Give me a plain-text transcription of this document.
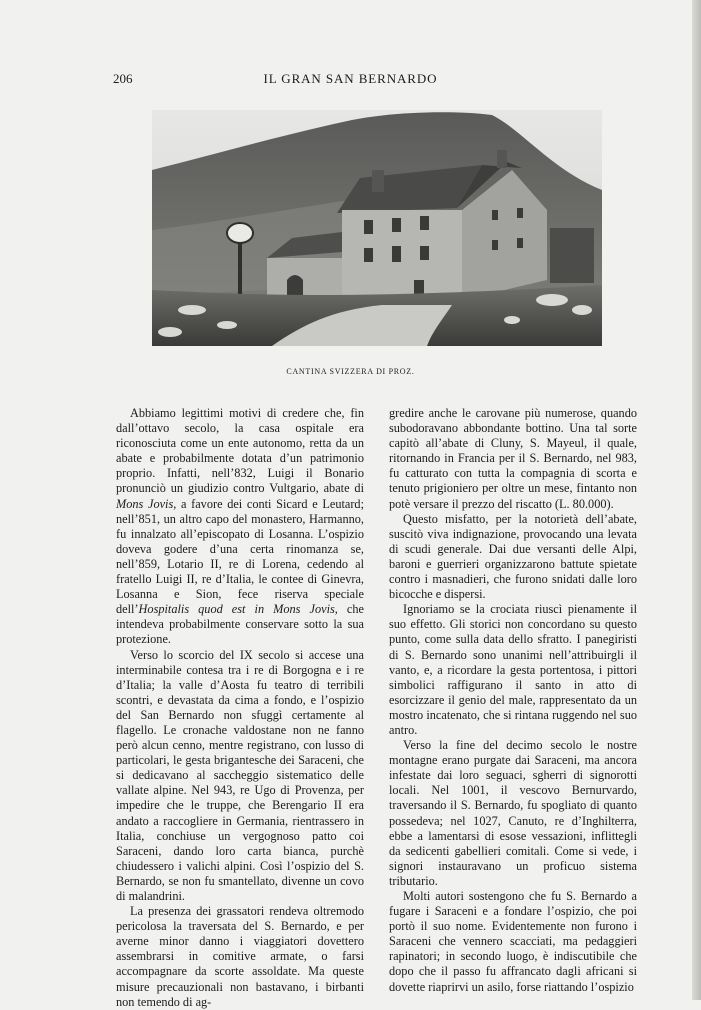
206	IL GRAN SAN BERNARDO
CANTINA SVIZZERA DI PROZ.

Abbiamo legittimi motivi di credere che, fin dall’ottavo secolo, la casa ospitale era riconosciuta come un ente autonomo, retta da un abate e probabilmente dotata d’un patrimonio proprio. Infatti, nell’832, Luigi il Bonario pronunciò un giudizio contro Vultgario, abate di Mons Jovis, a favore dei conti Sicard e Leutard; nell’851, un altro capo del monastero, Harmanno, fu innalzato all’episcopato di Losanna. L’ospizio doveva godere d’una certa rinomanza se, nell’859, Lotario II, re di Lorena, cedendo al fratello Luigi II, re d’Italia, le contee di Ginevra, Losanna e Sion, fece riserva speciale dell’Hospitalis quod est in Mons Jovis, che intendeva probabilmente conservare sotto la sua protezione.

Verso lo scorcio del IX secolo si accese una interminabile contesa tra i re di Borgogna e i re d’Italia; la valle d’Aosta fu teatro di terribili scontri, e devastata da cima a fondo, e l’ospizio del San Bernardo non sfuggì certamente al flagello. Le cronache valdostane non ne fanno però alcun cenno, mentre registrano, con lusso di particolari, le gesta brigantesche dei Saraceni, che si dedicavano al saccheggio sistematico delle vallate alpine. Nel 943, re Ugo di Provenza, per impedire che le truppe, che Berengario II era andato a raccogliere in Germania, rientrassero in Italia, conchiuse un vergognoso patto coi Saraceni, dando loro carta bianca, purchè chiudessero i valichi alpini. Così l’ospizio del S. Bernardo, se non fu smantellato, divenne un covo di malandrini.

La presenza dei grassatori rendeva oltremodo pericolosa la traversata del S. Bernardo, e per averne minor danno i viaggiatori dovettero assembrarsi in comitive armate, o farsi accompagnare da scorte assoldate. Ma queste misure precauzionali non bastavano, i birbanti non temendo di ag-

gredire anche le carovane più numerose, quando subodoravano abbondante bottino. Una tal sorte capitò all’abate di Cluny, S. Mayeul, il quale, ritornando in Francia per il S. Bernardo, nel 983, fu catturato con tutta la compagnia di scorta e tenuto prigioniero per oltre un mese, fintanto non potè versare il prezzo del riscatto (L. 80.000).

Questo misfatto, per la notorietà dell’abate, suscitò viva indignazione, provocando una levata di scudi generale. Dai due versanti delle Alpi, baroni e guerrieri organizzarono battute spietate contro i masnadieri, che furono snidati dalle loro bicocche e dispersi.

Ignoriamo se la crociata riuscì pienamente il suo effetto. Gli storici non concordano su questo punto, come sulla data dello sfratto. I panegiristi di S. Bernardo sono unanimi nell’attribuirgli il vanto, e, a ricordare la gesta portentosa, i pittori simbolici raffigurano il santo in atto di esorcizzare il genio del male, rappresentato da un mostro incatenato, che si rintana ruggendo nel suo antro.

Verso la fine del decimo secolo le nostre montagne erano purgate dai Saraceni, ma ancora infestate dai loro seguaci, sgherri di signorotti locali. Nel 1001, il vescovo Bernurvardo, traversando il S. Bernardo, fu spogliato di quanto possedeva; nel 1027, Canuto, re d’Inghilterra, ebbe a lamentarsi di esose vessazioni, inflittegli da sedicenti gabellieri comitali. Come si vede, i signori instauravano un proficuo sistema tributario.

Molti autori sostengono che fu S. Bernardo a fugare i Saraceni e a fondare l’ospizio, che poi portò il suo nome. Evidentemente non furono i Saraceni che vennero scacciati, ma pedaggieri rapinatori; in secondo luogo, è indiscutibile che dopo che il passo fu affrancato dagli africani si dovette riaprirvi un asilo, forse riattando l’ospizio
